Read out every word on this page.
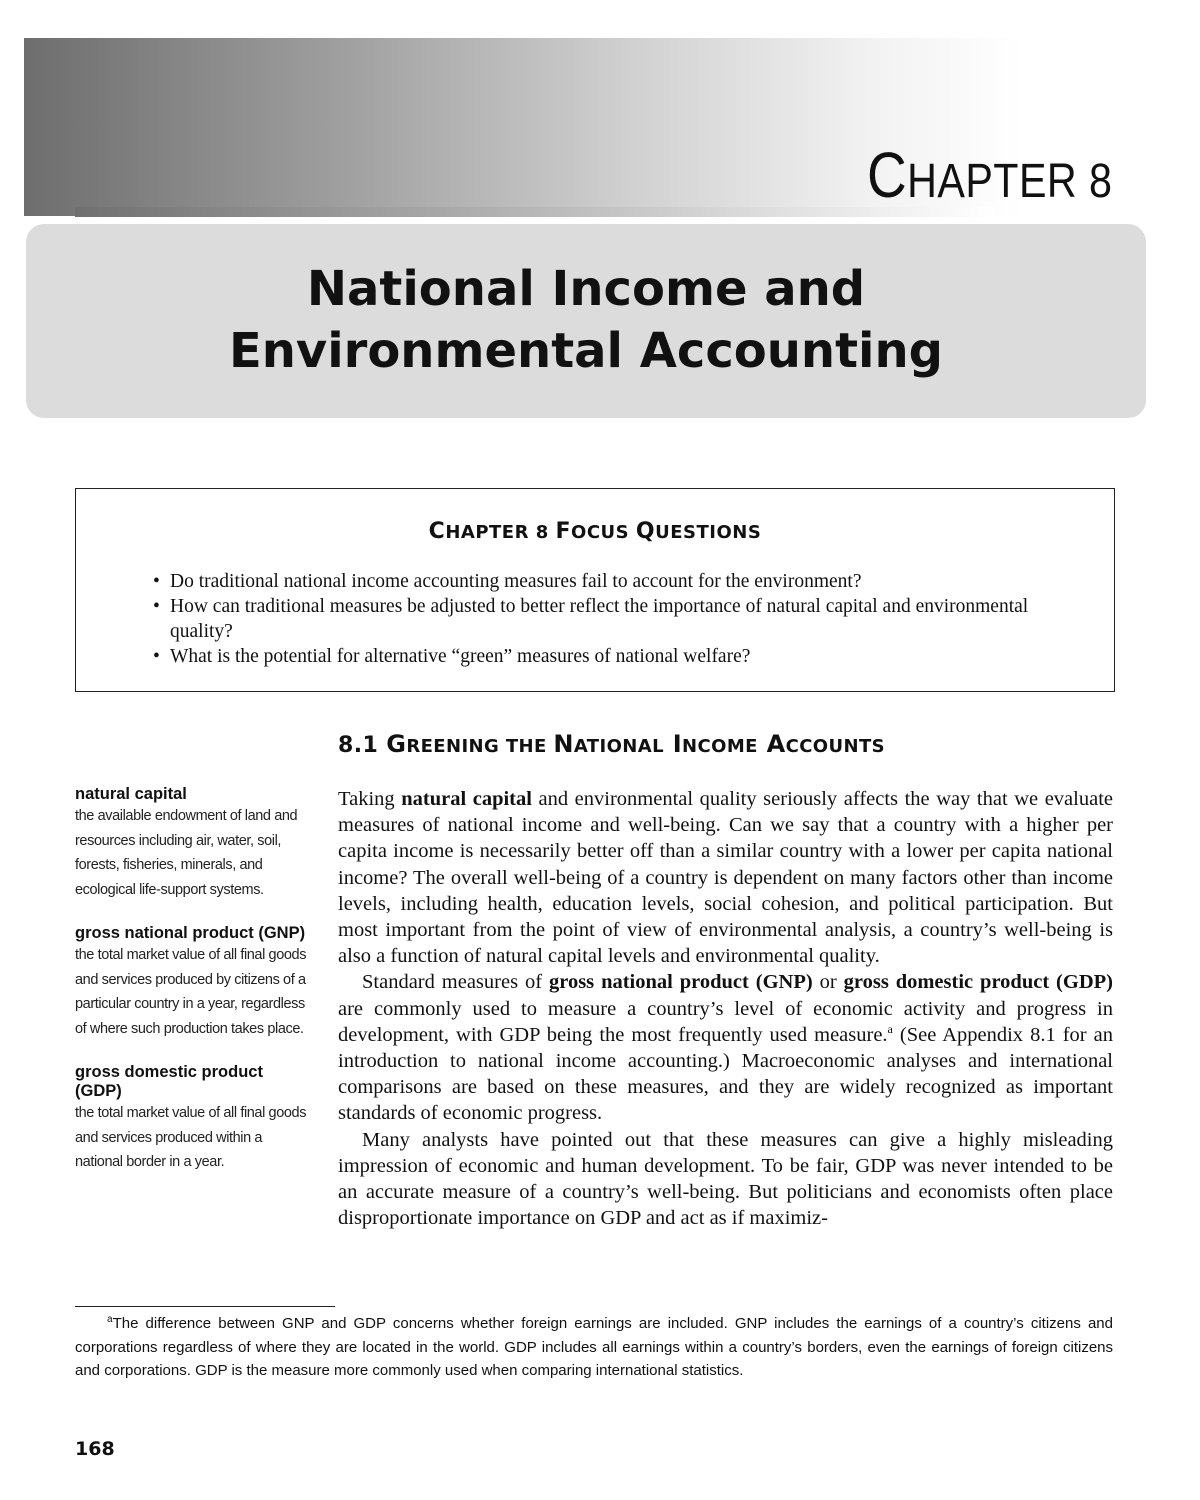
CHAPTER 8
National Income and
Environmental Accounting
CHAPTER 8 FOCUS QUESTIONS
• Do traditional national income accounting measures fail to account for the environment?
• How can traditional measures be adjusted to better reflect the importance of natural capital and environmental quality?
• What is the potential for alternative “green” measures of national welfare?
8.1 GREENING THE NATIONAL INCOME ACCOUNTS
natural capital
the available endowment of land and resources including air, water, soil, forests, fisheries, minerals, and ecological life-support systems.
gross national product (GNP)
the total market value of all final goods and services produced by citizens of a particular country in a year, regardless of where such production takes place.
gross domestic product (GDP)
the total market value of all final goods and services produced within a national border in a year.

Taking natural capital and environmental quality seriously affects the way that we evaluate measures of national income and well-being. Can we say that a country with a higher per capita income is necessarily better off than a similar country with a lower per capita national income? The overall well-being of a country is dependent on many factors other than income levels, including health, education levels, social cohesion, and political participation. But most important from the point of view of environmental analysis, a country’s well-being is also a function of natural capital levels and environmental quality.

Standard measures of gross national product (GNP) or gross domestic product (GDP) are commonly used to measure a country’s level of economic activity and progress in development, with GDP being the most frequently used measure.$^a$ (See Appendix 8.1 for an introduction to national income accounting.) Macroeconomic analyses and international comparisons are based on these measures, and they are widely recognized as important standards of economic progress.

Many analysts have pointed out that these measures can give a highly misleading impression of economic and human development. To be fair, GDP was never intended to be an accurate measure of a country’s well-being. But politicians and economists often place disproportionate importance on GDP and act as if maximiz-

$^a$The difference between GNP and GDP concerns whether foreign earnings are included. GNP includes the earnings of a country’s citizens and corporations regardless of where they are located in the world. GDP includes all earnings within a country’s borders, even the earnings of foreign citizens and corporations. GDP is the measure more commonly used when comparing international statistics.
168
